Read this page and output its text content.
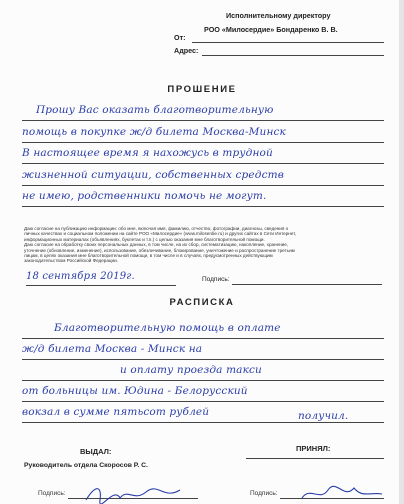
Исполнительному директору
РОО «Милосердие» Бондаренко В. В.
От:
Адрес:
ПРОШЕНИЕ
Прошу Вас оказать благотворительную
помощь в покупке ж/д билета Москва-Минск
В настоящее время я нахожусь в трудной
жизненной ситуации, собственных средств
не имею, родственники помочь не могут.
Даю согласие на публикацию информации: обо мне, включая имя, фамилию, отчество, фотографии, диагнозы, сведения о
личных качествах и социальном положении на сайте РОО «Милосердие» (www.miloserdie.ru) и других сайтах в Сети Интернет,
информационных материалах (объявлениях, буклетах и т.п.) с целью оказания мне благотворительной помощи.
Даю согласие на обработку своих персональных данных, в том числе, на их сбор, систематизацию, накопление, хранение,
уточнение (обновление, изменение), использование, обезличивание, блокирование, уничтожение и распространение третьим
лицам, в целях оказания мне благотворительной помощи, в том числе и в случаях, предусмотренных действующим
законодательством Российской Федерации.
18 сентября 2019г.	Подпись:
РАСПИСКА
Благотворительную помощь в оплате
ж/д билета Москва - Минск на
и оплату проезда такси
от больницы им. Юдина - Белорусский
вокзал в сумме пятьсот рублей	получил.
ВЫДАЛ:	ПРИНЯЛ:
Руководитель отдела Скоросов Р. С.
Подпись:	Подпись:
